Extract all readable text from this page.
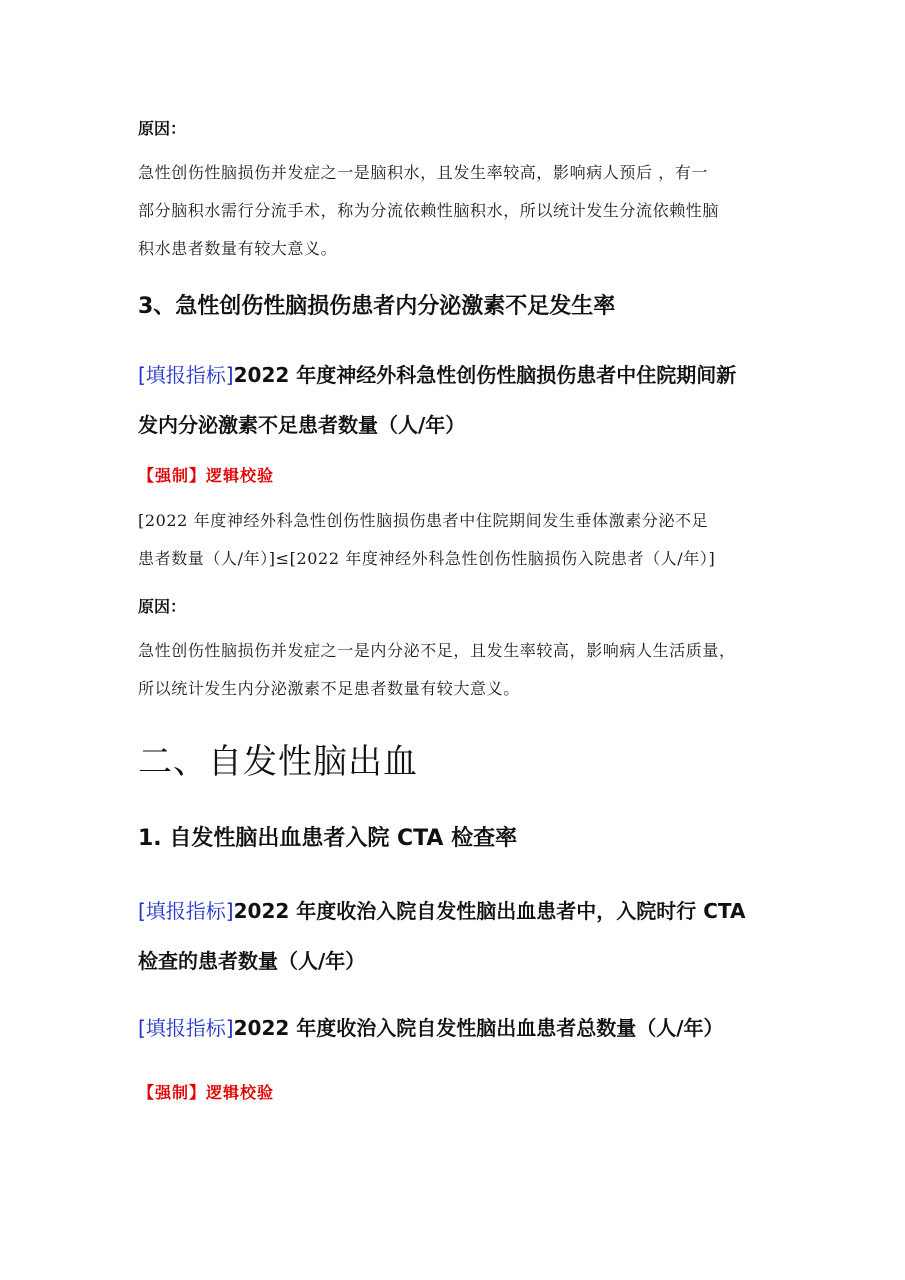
原因：

急性创伤性脑损伤并发症之一是脑积水，且发生率较高，影响病人预后 ，有一
部分脑积水需行分流手术，称为分流依赖性脑积水，所以统计发生分流依赖性脑
积水患者数量有较大意义。

3、急性创伤性脑损伤患者内分泌激素不足发生率

[填报指标]2022 年度神经外科急性创伤性脑损伤患者中住院期间新
发内分泌激素不足患者数量（人/年）

【强制】逻辑校验

[2022 年度神经外科急性创伤性脑损伤患者中住院期间发生垂体激素分泌不足
患者数量（人/年）]≤[2022 年度神经外科急性创伤性脑损伤入院患者（人/年）]

原因：

急性创伤性脑损伤并发症之一是内分泌不足，且发生率较高，影响病人生活质量，
所以统计发生内分泌激素不足患者数量有较大意义。

二、自发性脑出血
1. 自发性脑出血患者入院 CTA 检查率

[填报指标]2022 年度收治入院自发性脑出血患者中，入院时行 CTA
检查的患者数量（人/年）

[填报指标]2022 年度收治入院自发性脑出血患者总数量（人/年）

【强制】逻辑校验
